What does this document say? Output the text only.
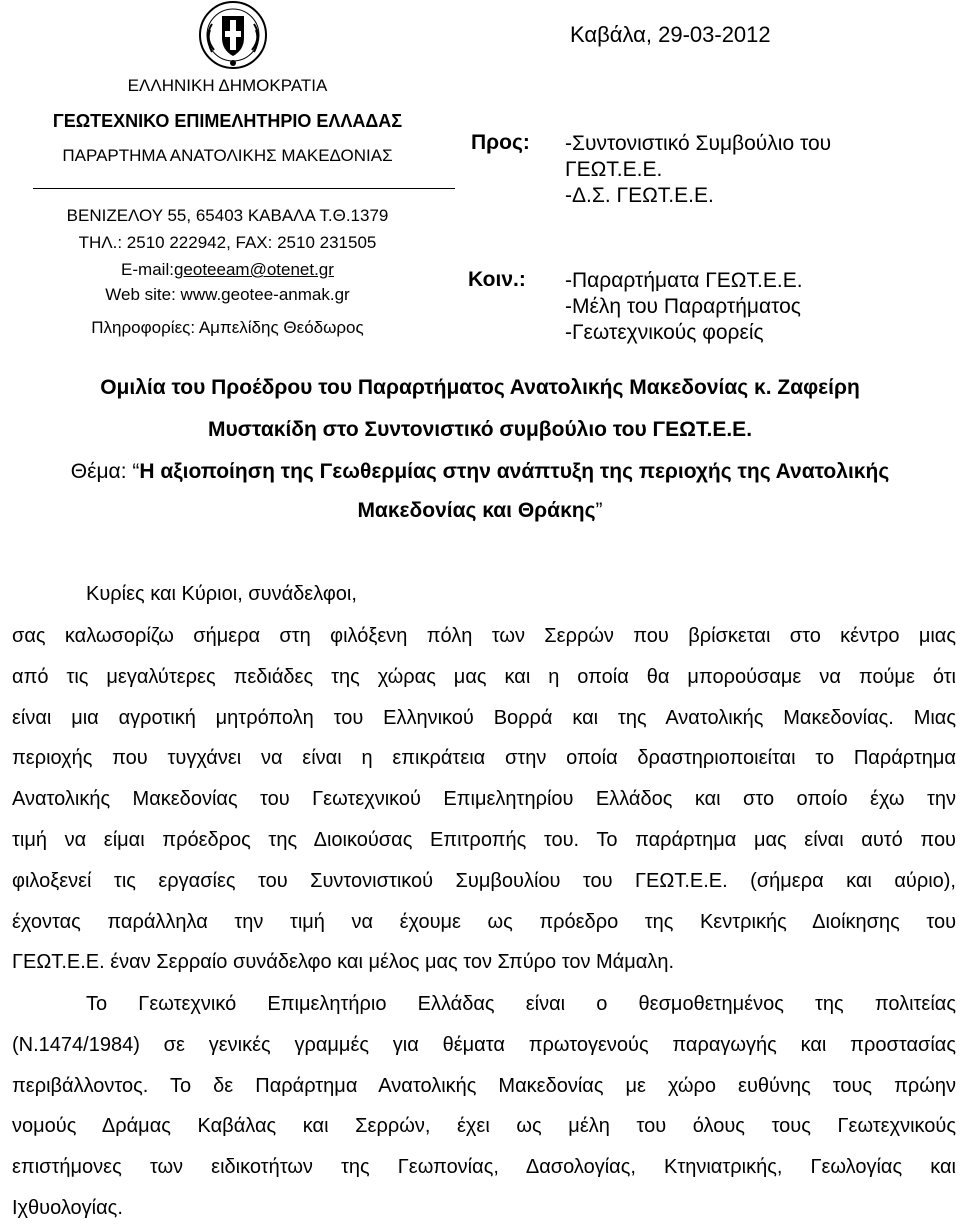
Καβάλα, 29-03-2012
ΕΛΛΗΝΙΚΗ ΔΗΜΟΚΡΑΤΙΑ
ΓΕΩΤΕΧΝΙΚΟ ΕΠΙΜΕΛΗΤΗΡΙΟ ΕΛΛΑΔΑΣ
ΠΑΡΑΡΤΗΜΑ ΑΝΑΤΟΛΙΚΗΣ ΜΑΚΕΔΟΝΙΑΣ
ΒΕΝΙΖΕΛΟΥ 55, 65403 ΚΑΒΑΛΑ Τ.Θ.1379
ΤΗΛ.: 2510 222942, FAX: 2510 231505
E-mail:geoteeam@otenet.gr
Web site: www.geotee-anmak.gr
Πληροφορίες: Αμπελίδης Θεόδωρος
Προς: -Συντονιστικό Συμβούλιο του
ΓΕΩΤ.Ε.Ε.
-Δ.Σ. ΓΕΩΤ.Ε.Ε.
Κοιν.: -Παραρτήματα ΓΕΩΤ.Ε.Ε.
-Μέλη του Παραρτήματος
-Γεωτεχνικούς φορείς
Ομιλία του Προέδρου του Παραρτήματος Ανατολικής Μακεδονίας κ. Ζαφείρη
Μυστακίδη στο Συντονιστικό συμβούλιο του ΓΕΩΤ.Ε.Ε.
Θέμα: “Η αξιοποίηση της Γεωθερμίας στην ανάπτυξη της περιοχής της Ανατολικής
Μακεδονίας και Θράκης”
Κυρίες και Κύριοι, συνάδελφοι,
σας καλωσορίζω σήμερα στη φιλόξενη πόλη των Σερρών που βρίσκεται στο κέντρο μιας
από τις μεγαλύτερες πεδιάδες της χώρας μας και η οποία θα μπορούσαμε να πούμε ότι
είναι μια αγροτική μητρόπολη του Ελληνικού Βορρά και της Ανατολικής Μακεδονίας. Μιας
περιοχής που τυγχάνει να είναι η επικράτεια στην οποία δραστηριοποιείται το Παράρτημα
Ανατολικής Μακεδονίας του Γεωτεχνικού Επιμελητηρίου Ελλάδος και στο οποίο έχω την
τιμή να είμαι πρόεδρος της Διοικούσας Επιτροπής του. Το παράρτημα μας είναι αυτό που
φιλοξενεί τις εργασίες του Συντονιστικού Συμβουλίου του ΓΕΩΤ.Ε.Ε. (σήμερα και αύριο),
έχοντας παράλληλα την τιμή να έχουμε ως πρόεδρο της Κεντρικής Διοίκησης του
ΓΕΩΤ.Ε.Ε. έναν Σερραίο συνάδελφο και μέλος μας τον Σπύρο τον Μάμαλη.
Το Γεωτεχνικό Επιμελητήριο Ελλάδας είναι ο θεσμοθετημένος της πολιτείας
(Ν.1474/1984) σε γενικές γραμμές για θέματα πρωτογενούς παραγωγής και προστασίας
περιβάλλοντος. Το δε Παράρτημα Ανατολικής Μακεδονίας με χώρο ευθύνης τους πρώην
νομούς Δράμας Καβάλας και Σερρών, έχει ως μέλη του όλους τους Γεωτεχνικούς
επιστήμονες των ειδικοτήτων της Γεωπονίας, Δασολογίας, Κτηνιατρικής, Γεωλογίας και
Ιχθυολογίας.
